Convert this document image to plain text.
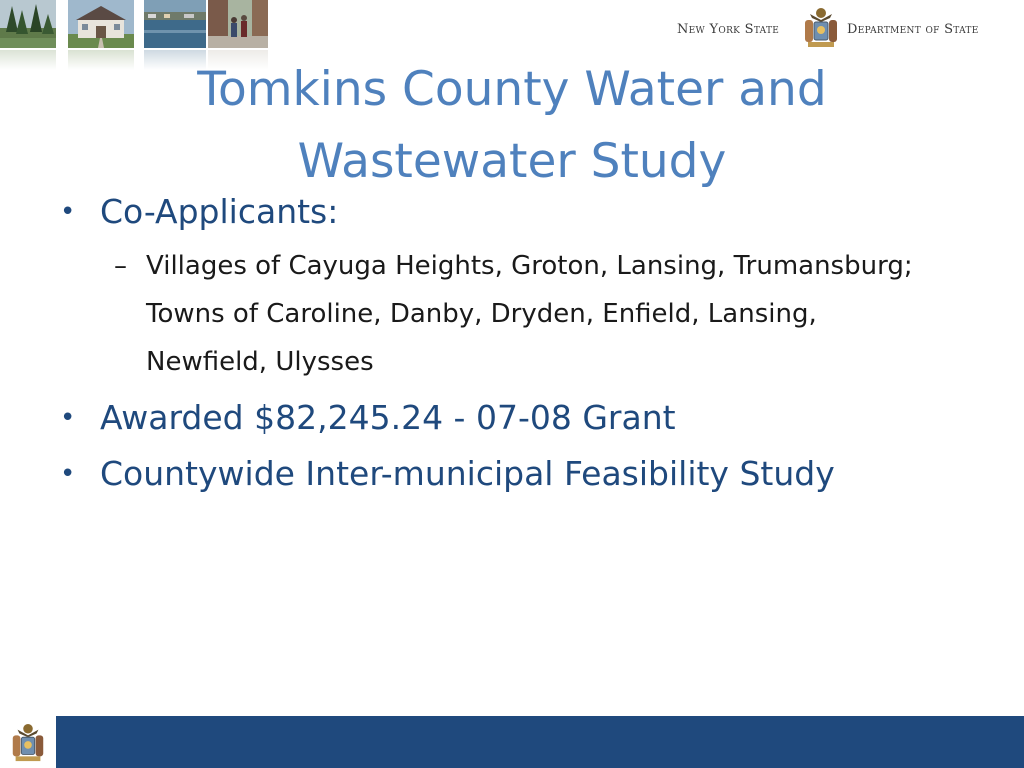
New York State	Department of State
Tomkins County Water and
Wastewater Study
• Co-Applicants:
– Villages of Cayuga Heights, Groton, Lansing, Trumansburg; Towns of Caroline, Danby, Dryden, Enfield, Lansing, Newfield, Ulysses
• Awarded $82,245.24 - 07-08 Grant
• Countywide Inter-municipal Feasibility Study
